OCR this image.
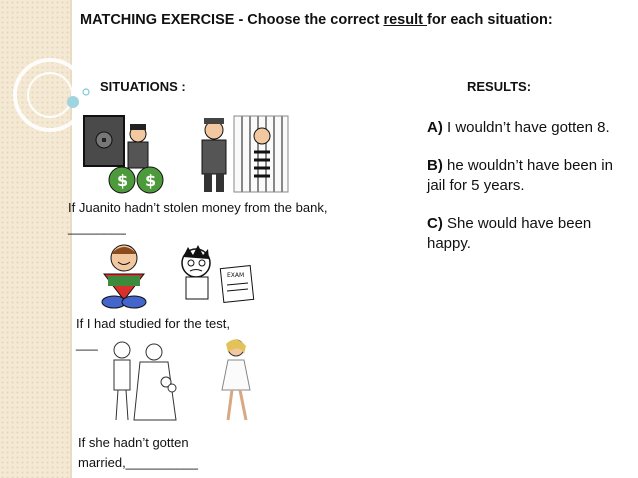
MATCHING EXERCISE - Choose the correct result for each situation:
SITUATIONS :	RESULTS:
$ $
If Juanito hadn’t stolen money from the bank,
________
EXAM
If I had studied for the test,
___
If she hadn’t gotten
married,__________

A) I wouldn’t have gotten 8.

B) he wouldn’t have been in jail for 5 years.

C) She would have been happy.
